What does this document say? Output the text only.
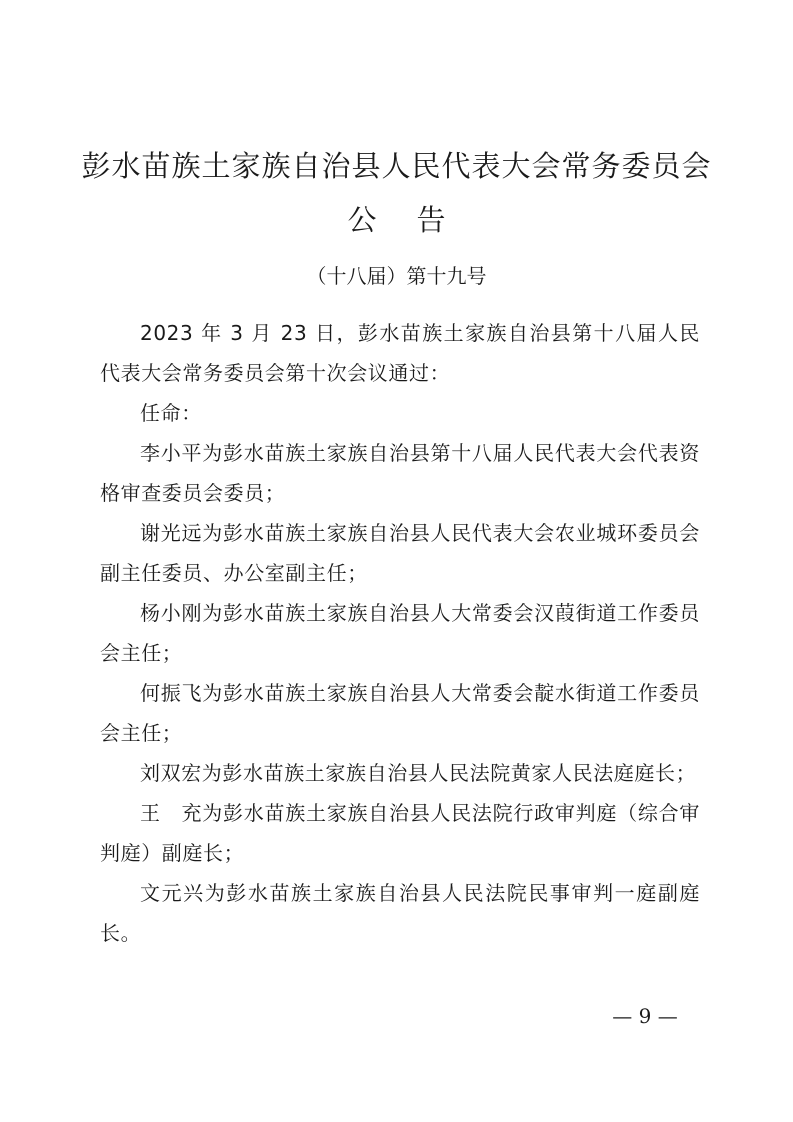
彭水苗族土家族自治县人民代表大会常务委员会
公告
（十八届）第十九号

2023 年 3 月 23 日，彭水苗族土家族自治县第十八届人民代表大会常务委员会第十次会议通过：

任命：

李小平为彭水苗族土家族自治县第十八届人民代表大会代表资格审查委员会委员；

谢光远为彭水苗族土家族自治县人民代表大会农业城环委员会副主任委员、办公室副主任；

杨小刚为彭水苗族土家族自治县人大常委会汉葭街道工作委员会主任；

何振飞为彭水苗族土家族自治县人大常委会靛水街道工作委员会主任；

刘双宏为彭水苗族土家族自治县人民法院黄家人民法庭庭长；

王　充为彭水苗族土家族自治县人民法院行政审判庭（综合审判庭）副庭长；

文元兴为彭水苗族土家族自治县人民法院民事审判一庭副庭长。

— 9 —
